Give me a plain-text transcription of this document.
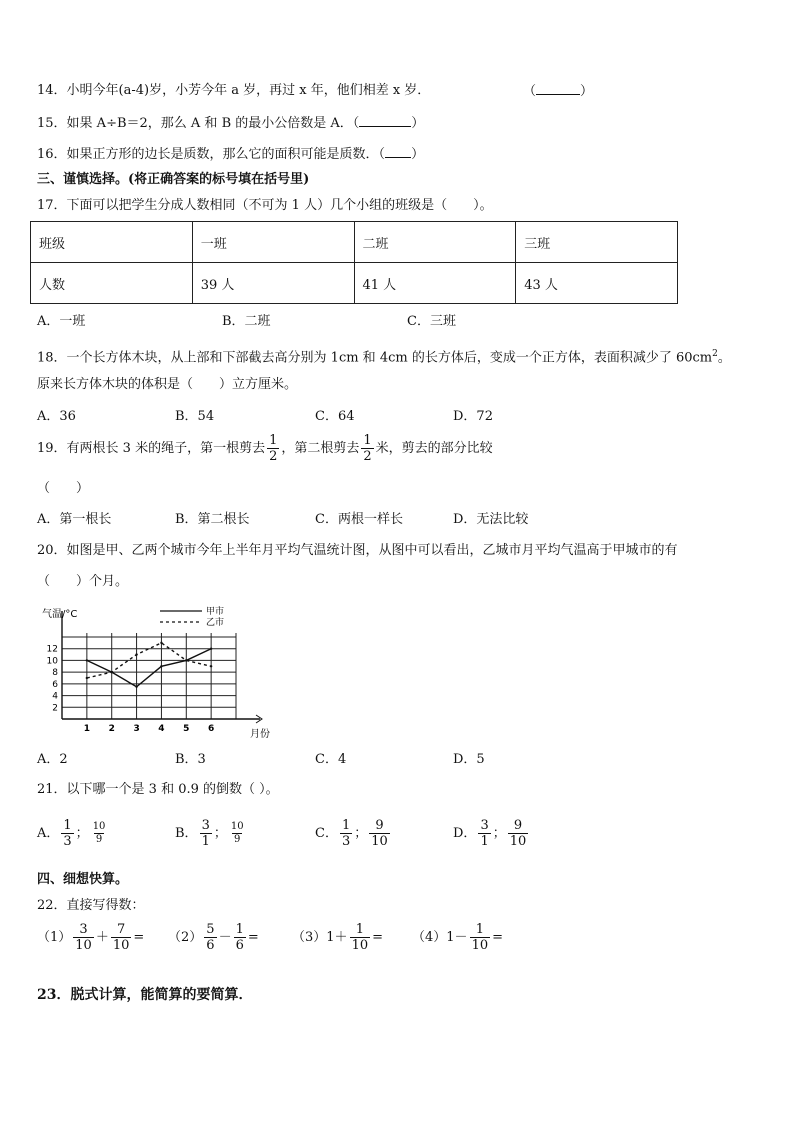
14．小明今年(a-4)岁，小芳今年 a 岁，再过 x 年，他们相差 x 岁．	（	）
15．如果 A÷B＝2，那么 A 和 B 的最小公倍数是 A．（	）
16．如果正方形的边长是质数，那么它的面积可能是质数．（ ）
三、谨慎选择。(将正确答案的标号填在括号里)
17．下面可以把学生分成人数相同（不可为 1 人）几个小组的班级是（　　）。
班级	一班	二班	三班
人数	39 人	41 人	43 人
A．一班	B．二班	C．三班
18．一个长方体木块，从上部和下部截去高分别为 1cm 和 4cm 的长方体后，变成一个正方体，表面积减少了 $60cm^2$。
原来长方体木块的体积是（　　）立方厘米。
A．36	B．54	C．64	D．72
19．有两根长 3 米的绳子，第一根剪去 $\frac{1}{2}$ ，第二根剪去 $\frac{1}{2}$ 米，剪去的部分比较
（　　）
A．第一根长	B．第二根长	C．两根一样长	D．无法比较
20．如图是甲、乙两个城市今年上半年月平均气温统计图，从图中可以看出，乙城市月平均气温高于甲城市的有
（　　）个月。
气温/°C
月份
甲市
乙市
2
4
6
8
10
12
1 2 3 4 5 6
A．2	B．3	C．4	D．5
21．以下哪一个是 3 和 0.9 的倒数（ ）。
A． $\frac{1}{3}$ ； $\frac{10}{9}$	B． $\frac{3}{1}$ ； $\frac{10}{9}$	C． $\frac{1}{3}$ ； $\frac{9}{10}$	D． $\frac{3}{1}$ ； $\frac{9}{10}$
四、细想快算。
22．直接写得数：
$(1) \frac{3}{10} + \frac{7}{10} = (2) \frac{5}{6} - \frac{1}{6}$ =	$(3)1+ \frac{1}{10} = (4)1- \frac{1}{10}$ =
23．脱式计算，能简算的要简算．
